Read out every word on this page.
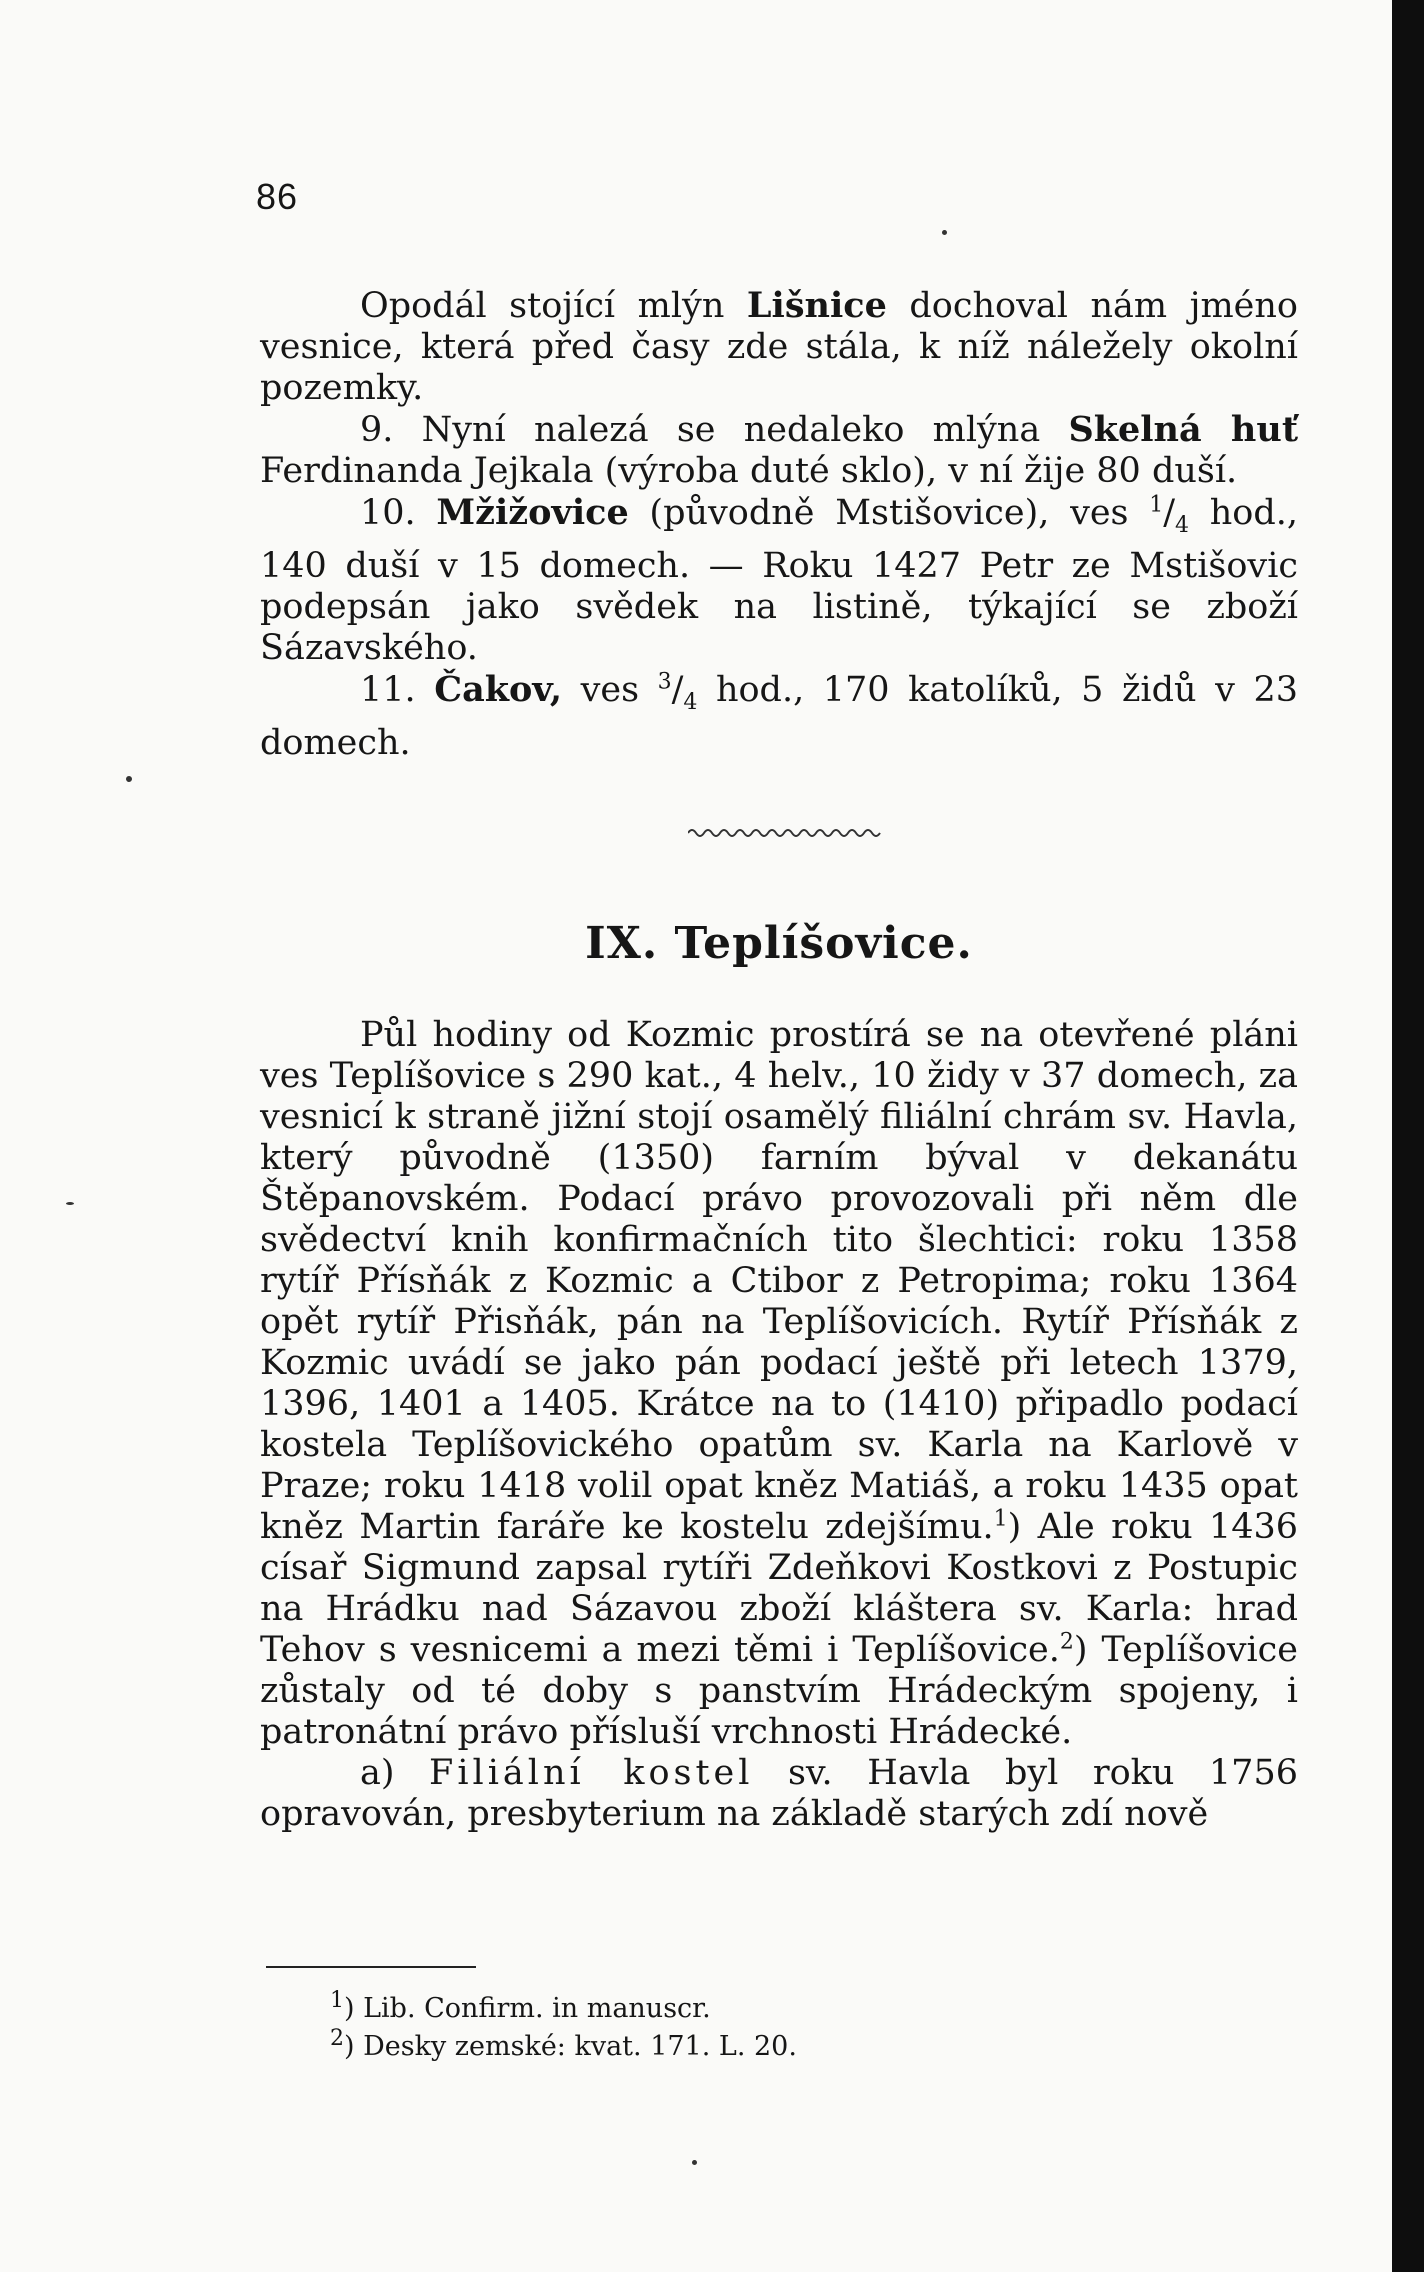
86
Opodál stojící mlýn Lišnice dochoval nám jméno vesnice, která před časy zde stála, k níž náležely okolní pozemky.
9. Nyní nalezá se nedaleko mlýna Skelná huť Ferdinanda Jejkala (výroba duté sklo), v ní žije 80 duší.
10. Mžižovice (původně Mstišovice), ves $^1/_4$ hod., 140 duší v 15 domech. — Roku 1427 Petr ze Mstišovic podepsán jako svědek na listině, týkající se zboží Sázavského.
11. Čakov, ves $^3/_4$ hod., 170 katolíků, 5 židů v 23 domech.
IX. Teplíšovice.
Půl hodiny od Kozmic prostírá se na otevřené pláni ves Teplíšovice s 290 kat., 4 helv., 10 židy v 37 domech, za vesnicí k straně jižní stojí osamělý filiální chrám sv. Havla, který původně (1350) farním býval v dekanátu Štěpanovském. Podací právo provozovali při něm dle svědectví knih konfirmačních tito šlechtici: roku 1358 rytíř Přísňák z Kozmic a Ctibor z Petropima; roku 1364 opět rytíř Přisňák, pán na Teplíšovicích. Rytíř Přísňák z Kozmic uvádí se jako pán podací ještě při letech 1379, 1396, 1401 a 1405. Krátce na to (1410) připadlo podací kostela Teplíšovického opatům sv. Karla na Karlově v Praze; roku 1418 volil opat kněz Matiáš, a roku 1435 opat kněz Martin faráře ke kostelu zdejšímu.$^1$) Ale roku 1436 císař Sigmund zapsal rytíři Zdeňkovi Kostkovi z Postupic na Hrádku nad Sázavou zboží kláštera sv. Karla: hrad Tehov s vesnicemi a mezi těmi i Teplíšovice.$^2$) Teplíšovice zůstaly od té doby s panstvím Hrádeckým spojeny, i patronátní právo přísluší vrchnosti Hrádecké.
a) Filiální kostel sv. Havla byl roku 1756 opravován, presbyterium na základě starých zdí nově
$^1$) Lib. Confirm. in manuscr.
$^2$) Desky zemské: kvat. 171. L. 20.
